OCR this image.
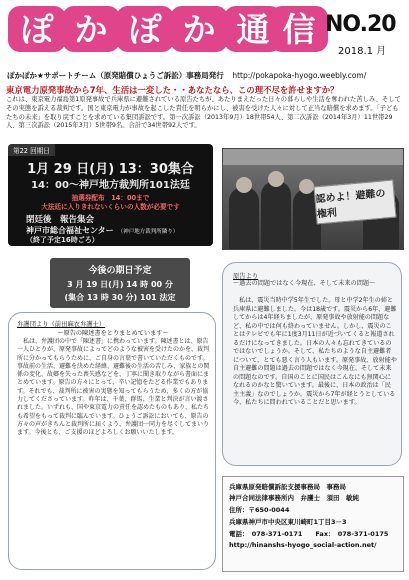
ぽ か ぽ か 通 信 NO.20
2018.1 月
ぽかぽか★サポートチーム（原発賠償ひょうご訴訟）事務局発行 http://pokapoka-hyogo.weebly.com/
東京電力原発事故から7年、生活は一変した・・あなたなら、この理不尽を許せますか？
これは、東京電力福島第1原発事故で兵庫県に避難されている原告たちが、あたりまえだった日々の暮らしや生活を奪われた苦しみ、そしてその実態を訴える裁判です。国と東京電力が事故を起こした責任を明らかにし、被害を受けた人々に対して正当な賠償を求めます。「子どもたちの未来」を取り戻すことを求めている集団訴訟です。第一次訴訟（2013年9月）18世帯54人、第二次訴訟（2014年3月）11世帯29人、第三次訴訟（2015年3月）5世帯9名。合計で34世帯92人です。
第22 回期日
1月 29 日(月) 13：30集合
14：00～神戸地方裁判所101法廷
抽選券配布　14：00まで
大法廷に入りきれないくらいの人数が必要です
閉廷後　報告集会
神戸市総合福祉センター （神戸地方裁判所隣り）
（終了予定16時ごろ）
認めよ！避難の権利
今後の期日予定
3 月 19 日(月) 14 時 00 分
(集合 13 時 30 分) 101 法定
原告より
～過去の問題ではなく今現在、そして未来の問題～
私は、震災当時中学5年生でした。母と中学2年生の姉と兵庫県に避難しました。今は18歳です。震災から6年、避難してからは4年経ちましたが、原発事故や放射能の問題など、私の中では何も終わっていません。しかし、震災のことはテレビでも年に1度3月11日が近づいてくると報道されるだけになってきました。日本の人々も忘れてきているのではないでしょうか。そして、私たちのような自主避難者について、とても悪く言う人もいます。原発事故、放射能や自主避難の問題は過去の問題ではなく今現在、そして未来の問題なのです。自国のことに国民はこんなにも無関心になれるのかなと驚いています。最後に、日本の政治は「民主主義」なのでしょうか。震災から7年が経とうとしている今、私たちに問われていることだと思います。
弁護団より（前田麻衣弁護士）
～原告の陳述書をとりまとめています～
私は、弁護団の中で「陳述書」に携わっています。陳述書とは、原告一人ひとりが、原発事故によってどのような被害を受けたのかを、裁判所に分かってもらうために、ご自身の言葉で書いていただくものです。事故前の生活、避難を決めた経緯、避難後の生活の苦しみ、家族との関係の変化、故郷を失った喪失感などを、丁寧に聞き取りながら書面にまとめています。原告の方々にとって、辛い記憶をたどる作業でもあります。それでも、裁判所に被害の実態を知ってもらうため、多くの方が協力してくださっています。昨年は、千葉、群馬、生業と判決が言い渡されました。いずれも、国や東京電力の責任を認めたものもあり、私たちも希望をもって裁判に臨んでいます。ひょうご訴訟においても、原告の方々の声がきちんと裁判所に届くよう、弁護団一同力を尽くしてまいります。今後とも、ご支援のほどよろしくお願いいたします。
兵庫県原発賠償訴訟支援事務局　事務局
神戸合同法律事務所内　弁護士　須田　敏純
住所：〒650-0044
兵庫県神戸市中央区東川崎町1丁目3－3
電話：　078-371-0171　　Fax：　078-371-0175
http://hinanshs-hyogo_social-action.net/
